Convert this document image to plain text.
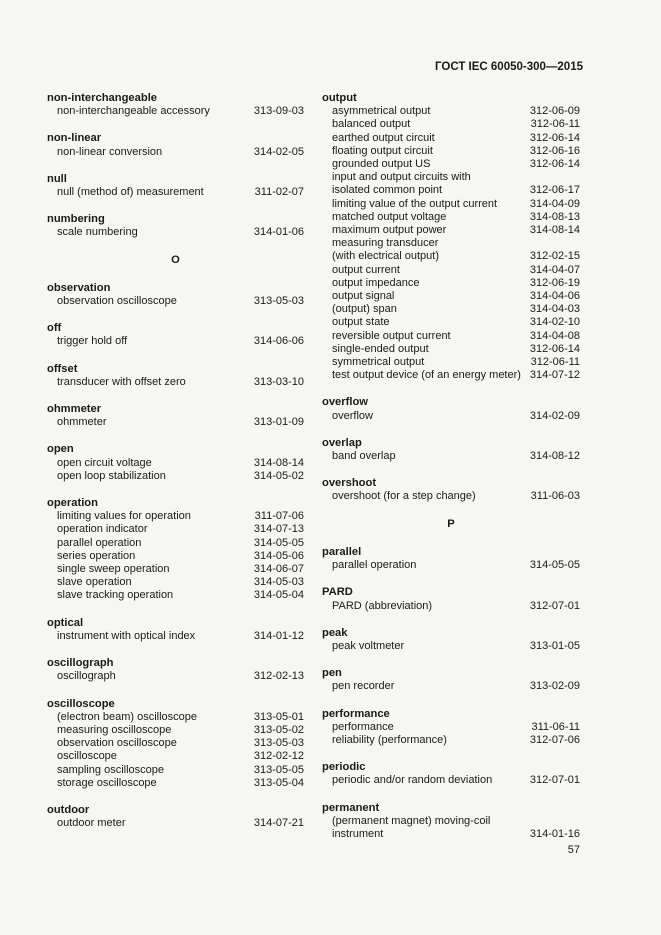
ГОСТ IEC 60050-300—2015
non-interchangeable
non-interchangeable accessory	313-09-03
non-linear
non-linear conversion	314-02-05
null
null (method of) measurement	311-02-07
numbering
scale numbering	314-01-06
O
observation
observation oscilloscope	313-05-03
off
trigger hold off	314-06-06
offset
transducer with offset zero	313-03-10
ohmmeter
ohmmeter	313-01-09
open
open circuit voltage	314-08-14
open loop stabilization	314-05-02
operation
limiting values for operation	311-07-06
operation indicator	314-07-13
parallel operation	314-05-05
series operation	314-05-06
single sweep operation	314-06-07
slave operation	314-05-03
slave tracking operation	314-05-04
optical
instrument with optical index	314-01-12
oscillograph
oscillograph	312-02-13
oscilloscope
(electron beam) oscilloscope	313-05-01
measuring oscilloscope	313-05-02
observation oscilloscope	313-05-03
oscilloscope	312-02-12
sampling oscilloscope	313-05-05
storage oscilloscope	313-05-04
outdoor
outdoor meter	314-07-21
output
asymmetrical output	312-06-09
balanced output	312-06-11
earthed output circuit	312-06-14
floating output circuit	312-06-16
grounded output US	312-06-14
input and output circuits with
isolated common point	312-06-17
limiting value of the output current	314-04-09
matched output voltage	314-08-13
maximum output power	314-08-14
measuring transducer
(with electrical output)	312-02-15
output current	314-04-07
output impedance	312-06-19
output signal	314-04-06
(output) span	314-04-03
output state	314-02-10
reversible output current	314-04-08
single-ended output	312-06-14
symmetrical output	312-06-11
test output device (of an energy meter) 314-07-12
overflow
overflow	314-02-09
overlap
band overlap	314-08-12
overshoot
overshoot (for a step change)	311-06-03
P
parallel
parallel operation	314-05-05
PARD
PARD (abbreviation)	312-07-01
peak
peak voltmeter	313-01-05
pen
pen recorder	313-02-09
performance
performance	311-06-11
reliability (performance)	312-07-06
periodic
periodic and/or random deviation	312-07-01
permanent
(permanent magnet) moving-coil
instrument	314-01-16
57
